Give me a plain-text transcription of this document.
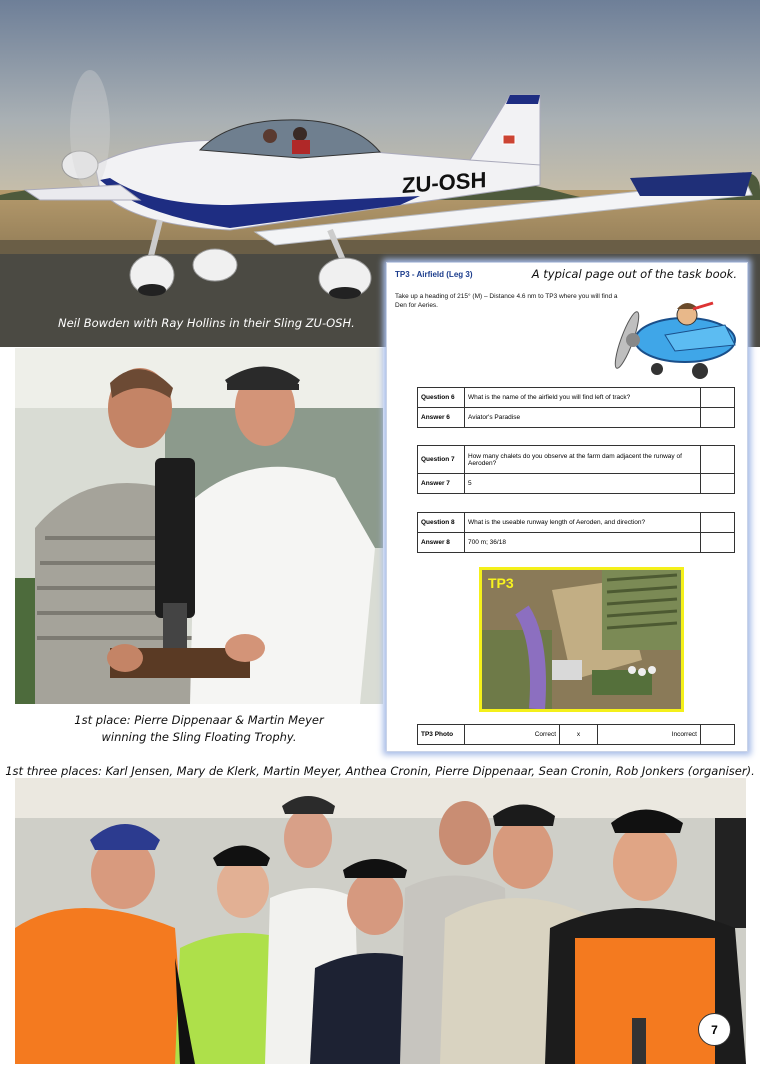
ZU-OSH
Neil Bowden with Ray Hollins in their Sling ZU-OSH.
1st place: Pierre Dippenaar & Martin Meyer
winning the Sling Floating Trophy.
TP3 - Airfield (Leg 3)	A typical page out of the task book.
Take up a heading of 215° (M) – Distance 4.6 nm to TP3 where you will find a Den for Aeries.
Question 6	What is the name of the airfield you will find left of track?	
Answer 6	Aviator's Paradise	
Question 7	How many chalets do you observe at the farm dam adjacent the runway of Aeroden?	
Answer 7	5	
Question 8	What is the useable runway length of Aeroden, and direction?	
Answer 8	700 m; 36/18	
TP3
TP3 Photo	Correct	x	Incorrect	
1st three places: Karl Jensen, Mary de Klerk, Martin Meyer, Anthea Cronin, Pierre Dippenaar, Sean Cronin, Rob Jonkers (organiser).
7
